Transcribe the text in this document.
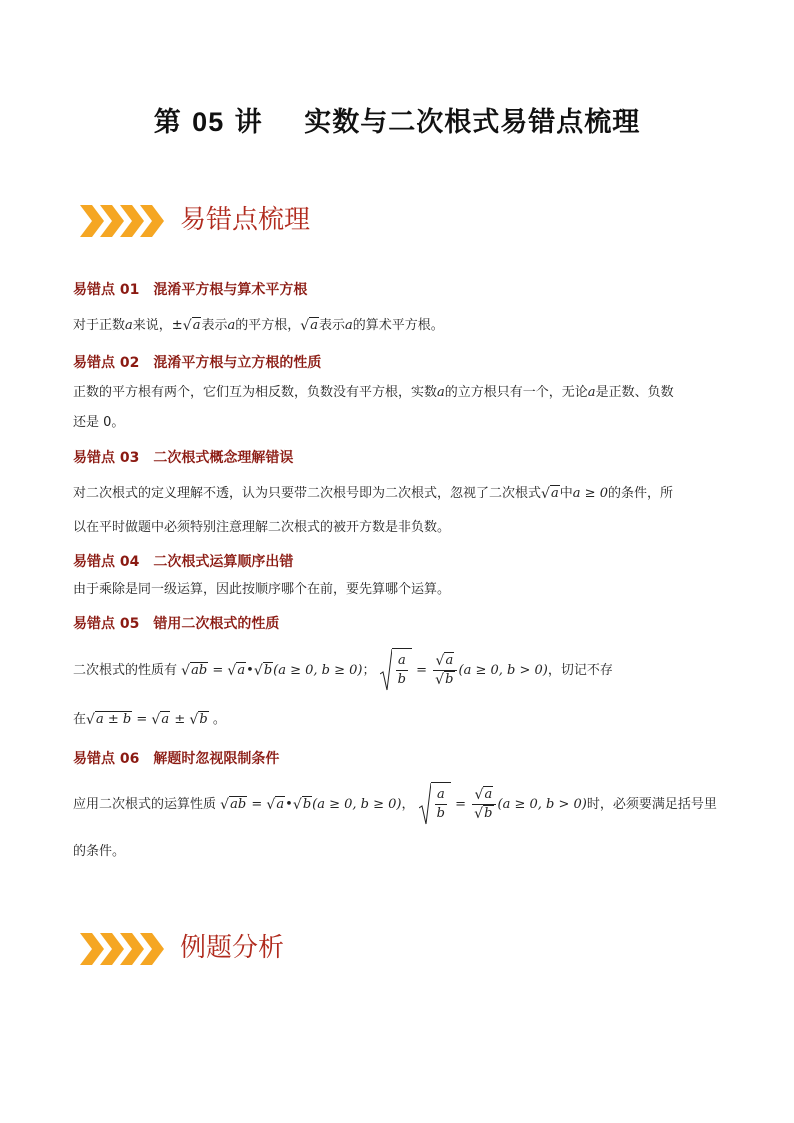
第 05 讲 实数与二次根式易错点梳理
易错点梳理
易错点 01 混淆平方根与算术平方根
对于正数a来说，± √ a表示a的平方根， √ a表示a的算术平方根。
易错点 02 混淆平方根与立方根的性质
正数的平方根有两个，它们互为相反数，负数没有平方根，实数a的立方根只有一个，无论a是正数、负数
还是 0。
易错点 03 二次根式概念理解错误
对二次根式的定义理解不透，认为只要带二次根号即为二次根式，忽视了二次根式 √ a中a ≥ 0的条件，所
以在平时做题中必须特别注意理解二次根式的被开方数是非负数。
易错点 04 二次根式运算顺序出错
由于乘除是同一级运算，因此按顺序哪个在前，要先算哪个运算。
易错点 05 错用二次根式的性质
二次根式的性质有 √ ab = √ a• √ b(a ≥ 0, b ≥ 0)； $\frac{a}{b} = \frac{√ a}{√ b} (a \ge 0$, b > 0)，切记不存
在 √ a ± b = √ a ± √ b 。
易错点 06 解题时忽视限制条件
应用二次根式的运算性质 √ ab = √ a• √ b(a ≥ 0, b ≥ 0)， $\frac{a}{b} = \frac{√ a}{√ b} (a \ge 0$, b > 0)时，必须要满足括号里
的条件。
例题分析
